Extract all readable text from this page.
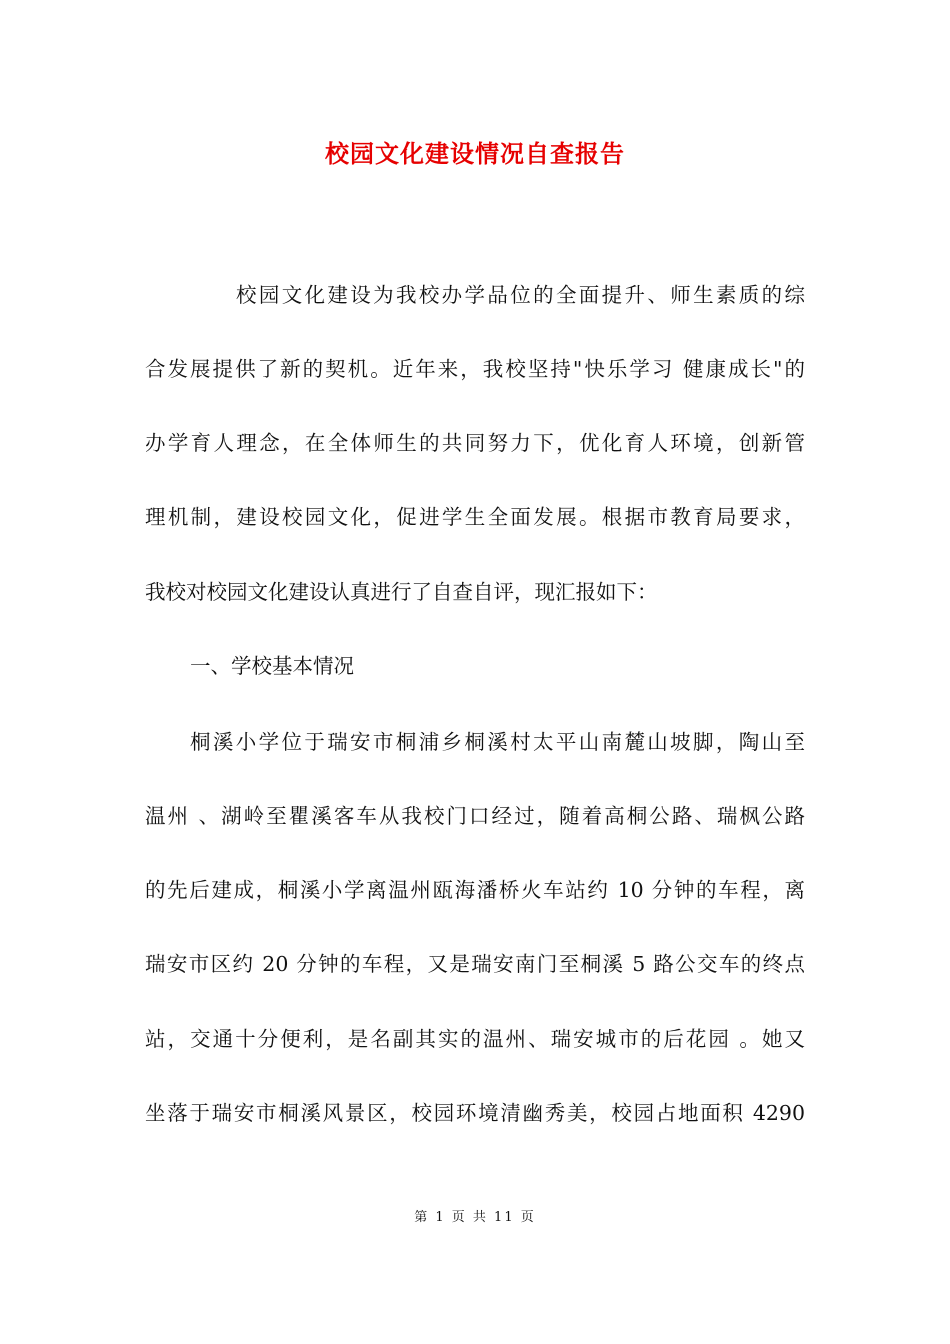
校园文化建设情况自查报告
校园文化建设为我校办学品位的全面提升、师生素质的综
合发展提供了新的契机。近年来，我校坚持"快乐学习 健康成长"的
办学育人理念，在全体师生的共同努力下，优化育人环境，创新管
理机制，建设校园文化，促进学生全面发展。根据市教育局要求，
我校对校园文化建设认真进行了自查自评，现汇报如下：
一、学校基本情况
桐溪小学位于瑞安市桐浦乡桐溪村太平山南麓山坡脚，陶山至
温州 、湖岭至瞿溪客车从我校门口经过，随着高桐公路、瑞枫公路
的先后建成，桐溪小学离温州瓯海潘桥火车站约 10 分钟的车程，离
瑞安市区约 20 分钟的车程，又是瑞安南门至桐溪 5 路公交车的终点
站，交通十分便利，是名副其实的温州、瑞安城市的后花园 。她又
坐落于瑞安市桐溪风景区，校园环境清幽秀美，校园占地面积 4290
第 1 页 共 11 页
